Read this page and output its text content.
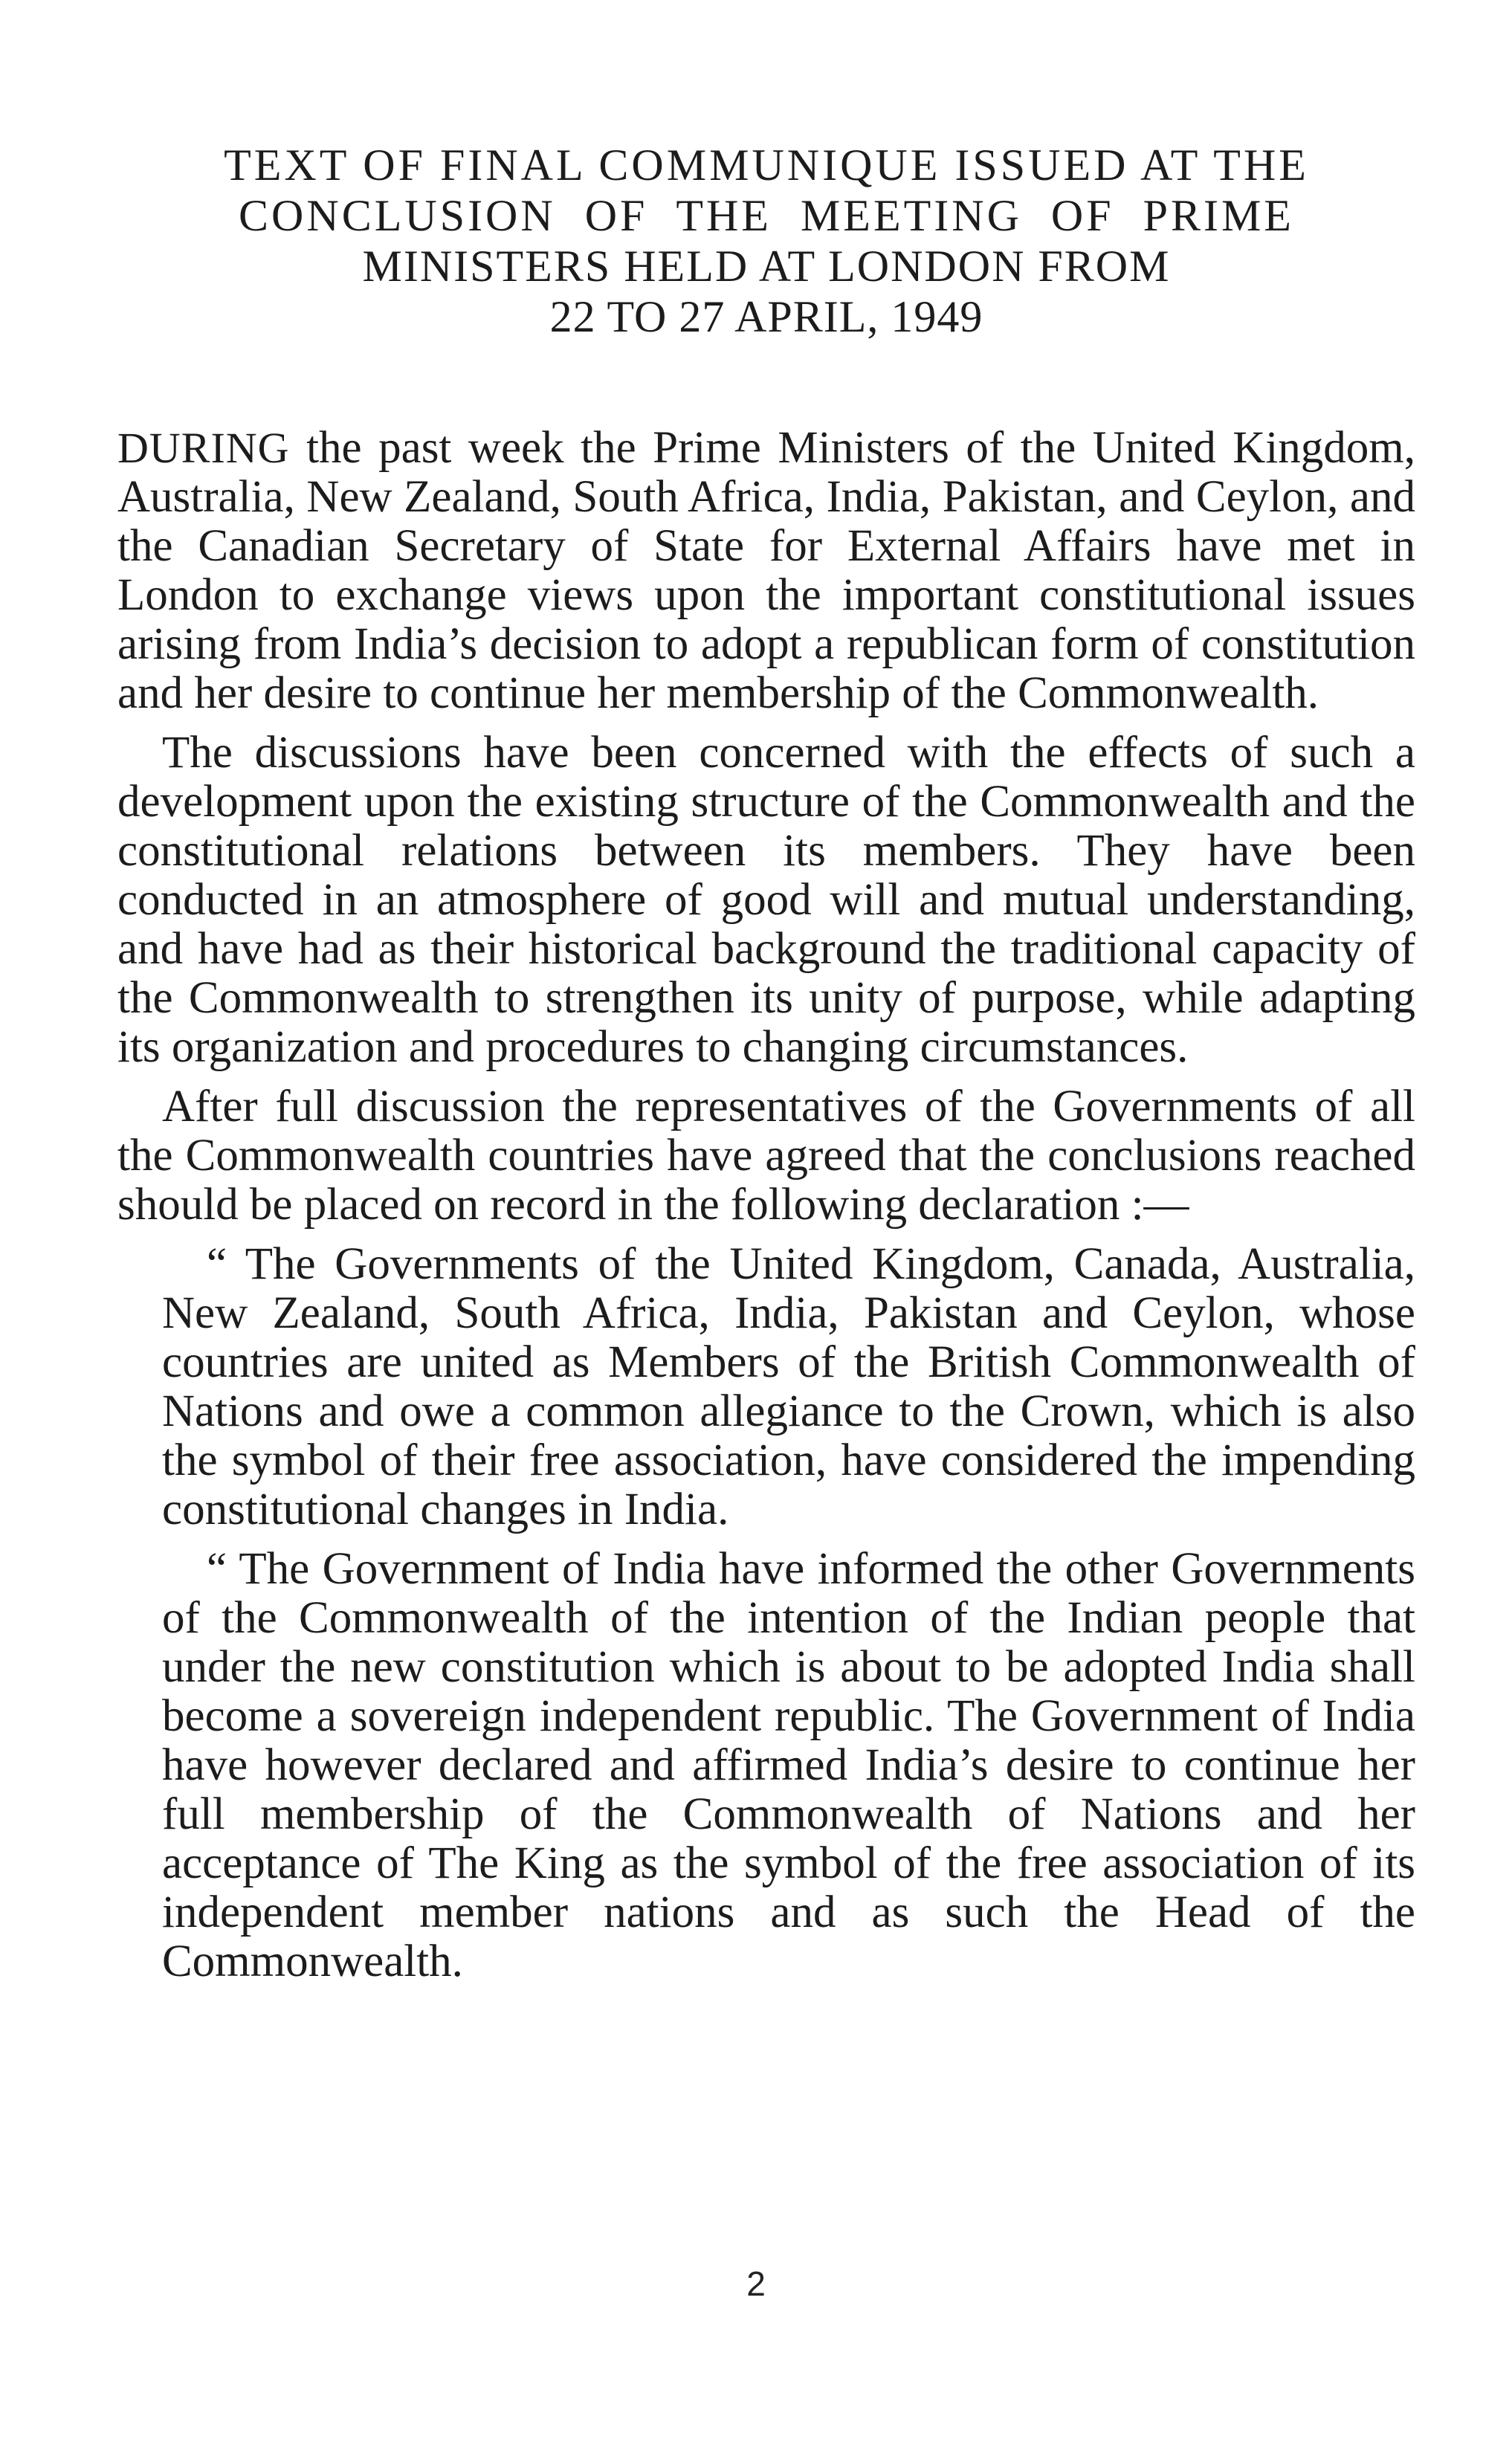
TEXT OF FINAL COMMUNIQUE ISSUED AT THE
CONCLUSION OF THE MEETING OF PRIME
MINISTERS HELD AT LONDON FROM
22 TO 27 APRIL, 1949

DURING the past week the Prime Ministers of the United Kingdom, Australia, New Zealand, South Africa, India, Pakistan, and Ceylon, and the Canadian Secretary of State for External Affairs have met in London to exchange views upon the important constitutional issues arising from India’s decision to adopt a republican form of constitution and her desire to continue her membership of the Commonwealth.

The discussions have been concerned with the effects of such a development upon the existing structure of the Commonwealth and the constitutional relations between its members. They have been conducted in an atmosphere of good will and mutual understanding, and have had as their historical background the traditional capacity of the Commonwealth to strengthen its unity of purpose, while adapting its organization and procedures to changing circumstances.

After full discussion the representatives of the Governments of all the Commonwealth countries have agreed that the conclusions reached should be placed on record in the following declaration :—

“ The Governments of the United Kingdom, Canada, Australia, New Zealand, South Africa, India, Pakistan and Ceylon, whose countries are united as Members of the British Commonwealth of Nations and owe a common allegiance to the Crown, which is also the symbol of their free association, have considered the impending constitutional changes in India.

“ The Government of India have informed the other Governments of the Commonwealth of the intention of the Indian people that under the new constitution which is about to be adopted India shall become a sovereign independent republic. The Government of India have however declared and affirmed India’s desire to continue her full membership of the Commonwealth of Nations and her acceptance of The King as the symbol of the free association of its independent member nations and as such the Head of the Commonwealth.

2
